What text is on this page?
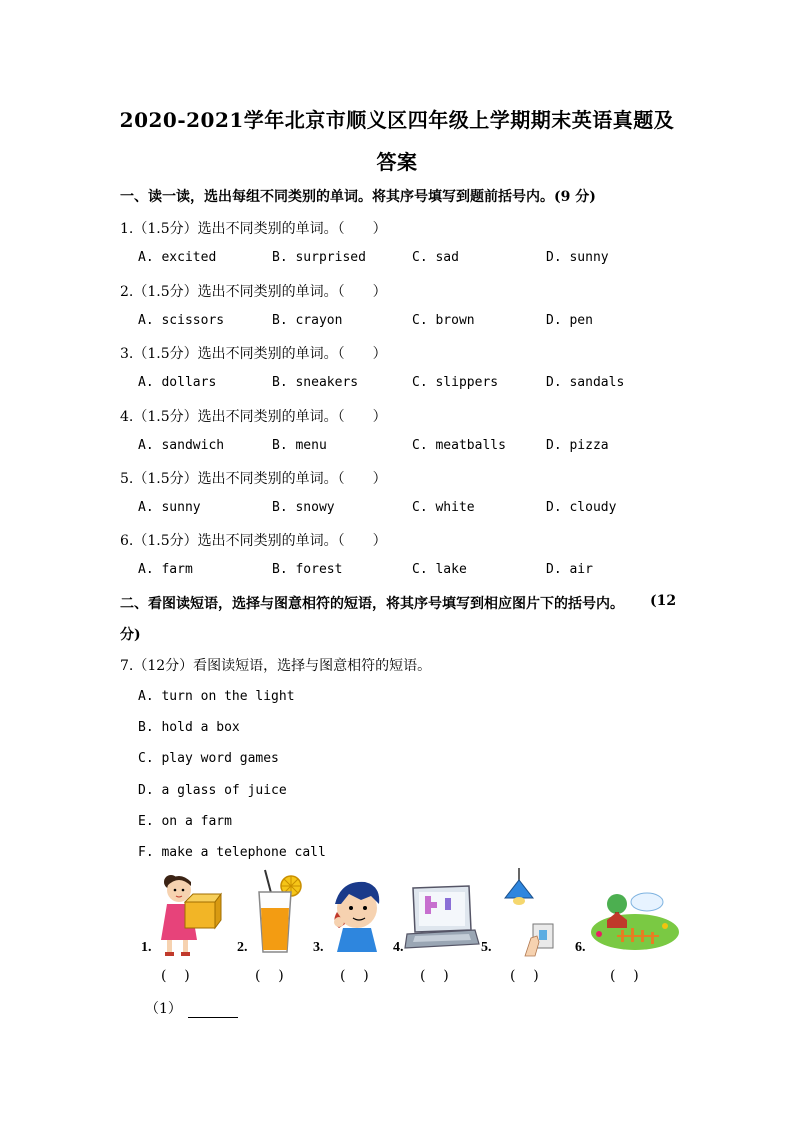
2020-2021学年北京市顺义区四年级上学期期末英语真题及
答案
一、读一读，选出每组不同类别的单词。将其序号填写到题前括号内。(9 分)
1.（1.5分）选出不同类别的单词。（　　）
A. excited	B. surprised	C. sad	D. sunny
2.（1.5分）选出不同类别的单词。（　　）
A. scissors	B. crayon	C. brown	D. pen
3.（1.5分）选出不同类别的单词。（　　）
A. dollars	B. sneakers	C. slippers	D. sandals
4.（1.5分）选出不同类别的单词。（　　）
A. sandwich	B. menu	C. meatballs	D. pizza
5.（1.5分）选出不同类别的单词。（　　）
A. sunny	B. snowy	C. white	D. cloudy
6.（1.5分）选出不同类别的单词。（　　）
A. farm	B. forest	C. lake	D. air
二、看图读短语，选择与图意相符的短语，将其序号填写到相应图片下的括号内。 (12
分)
7.（12分）看图读短语，选择与图意相符的短语。
A. turn on the light
B. hold a box
C. play word games
D. a glass of juice
E. on a farm
F. make a telephone call
1.	2.	3.	4.	5.	6.
(    )	(    )	(    )	(    )	(    )	(    )
（1）
